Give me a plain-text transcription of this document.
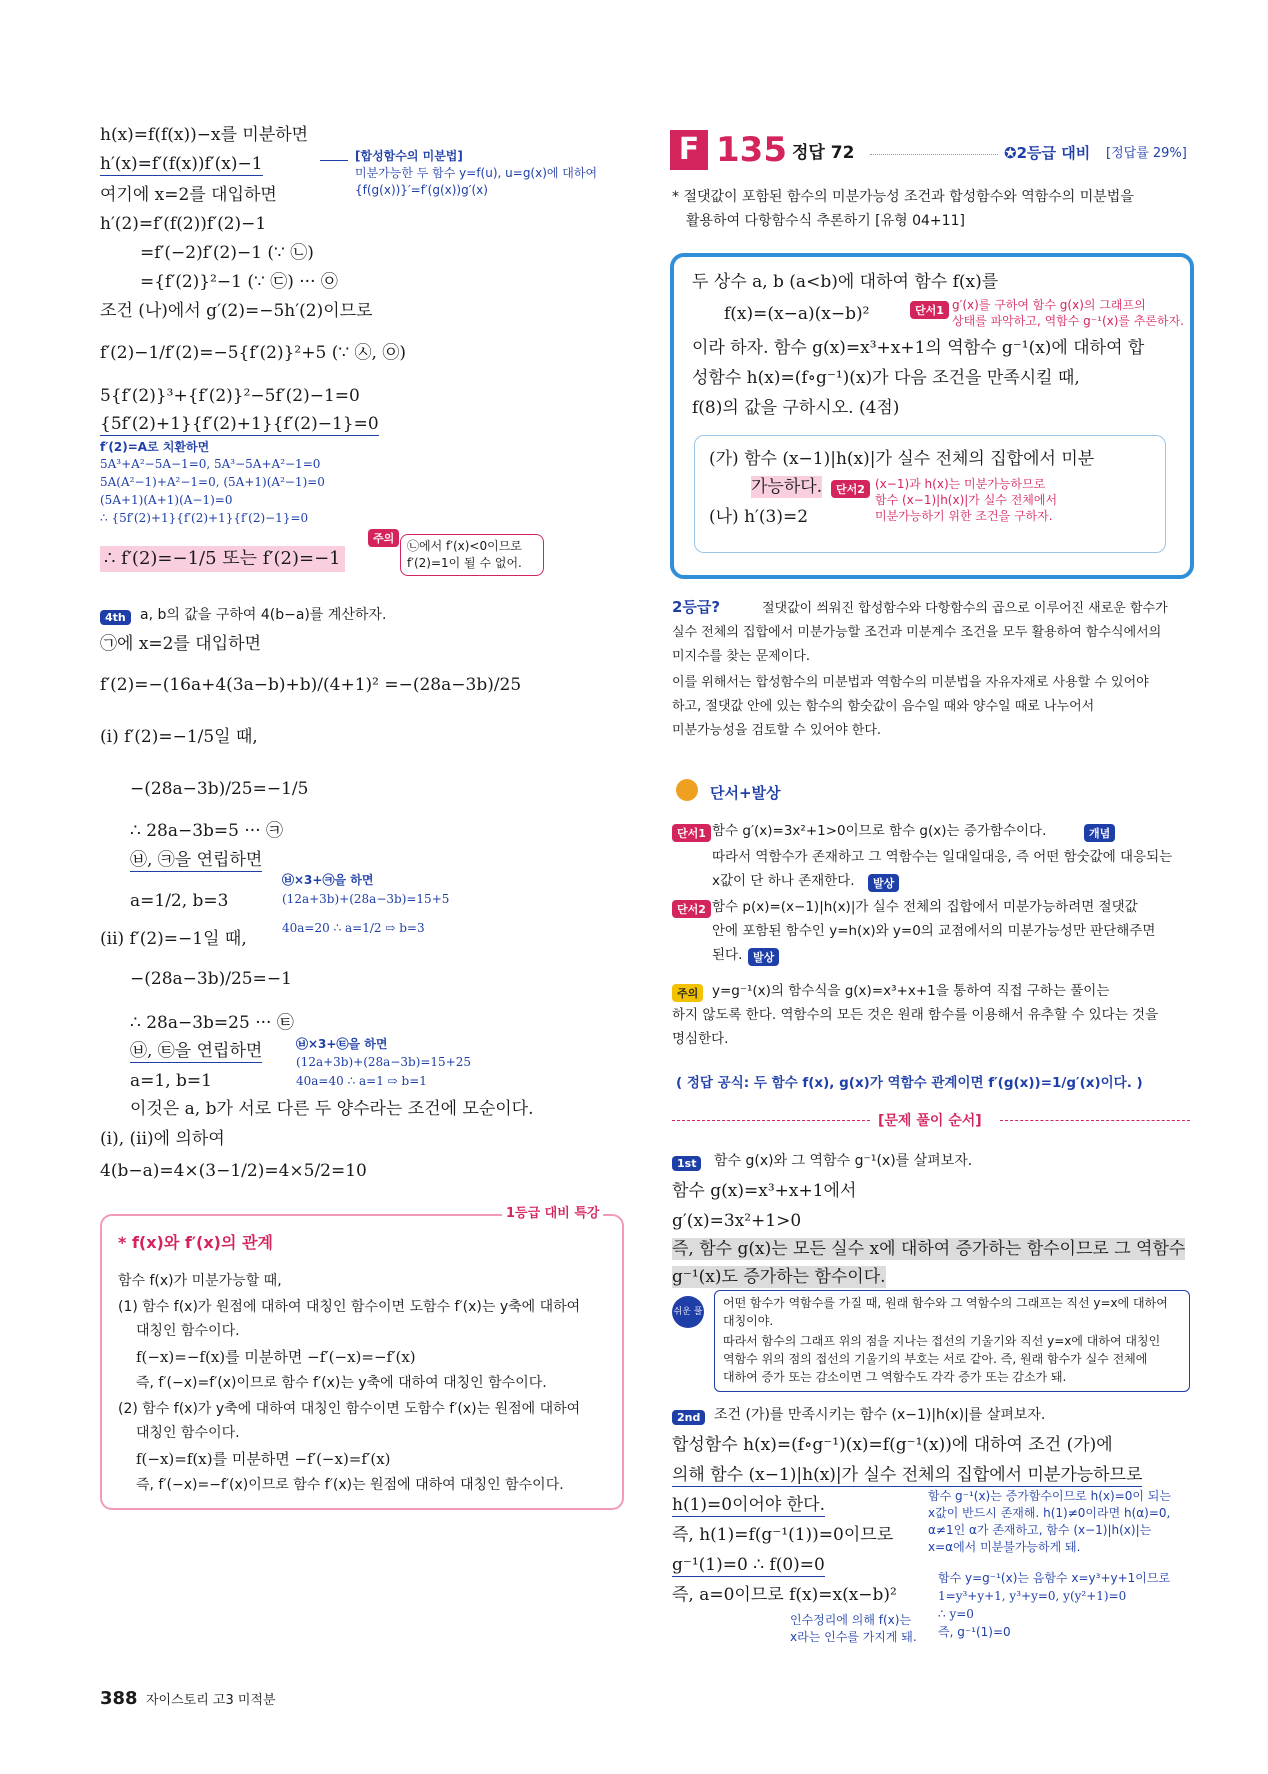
h(x)=f(f(x))−x를 미분하면
h′(x)=f′(f(x))f′(x)−1	[합성함수의 미분법]
미분가능한 두 함수 y=f(u), u=g(x)에 대하여
{f(g(x))}′=f′(g(x))g′(x)
여기에 x=2를 대입하면
h′(2)=f′(f(2))f′(2)−1
=f′(−2)f′(2)−1 (∵ ㉡)
={f′(2)}²−1 (∵ ㉢) ··· ㉧
조건 (나)에서 g′(2)=−5h′(2)이므로
f′(2)−1/f′(2)=−5{f′(2)}²+5 (∵ ㉦, ㉧)
5{f′(2)}³+{f′(2)}²−5f′(2)−1=0
{5f′(2)+1}{f′(2)+1}{f′(2)−1}=0
f′(2)=A로 치환하면
5A³+A²−5A−1=0, 5A³−5A+A²−1=0
5A(A²−1)+A²−1=0, (5A+1)(A²−1)=0
(5A+1)(A+1)(A−1)=0
∴ {5f′(2)+1}{f′(2)+1}{f′(2)−1}=0
∴ f′(2)=−1/5 또는 f′(2)=−1
주의
㉡에서 f′(x)<0이므로
f′(2)=1이 될 수 없어.
4th	a, b의 값을 구하여 4(b−a)를 계산하자.
㉠에 x=2를 대입하면
f′(2)=−(16a+4(3a−b)+b)/(4+1)² =−(28a−3b)/25
(i) f′(2)=−1/5일 때,
−(28a−3b)/25=−1/5
∴ 28a−3b=5 ··· ㉪
㉥, ㉪을 연립하면
㉥×3+㉪을 하면
(12a+3b)+(28a−3b)=15+5
40a=20 ∴ a=1/2 ⇨ b=3
a=1/2, b=3
(ii) f′(2)=−1일 때,
−(28a−3b)/25=−1
∴ 28a−3b=25 ··· ㉫
㉥, ㉫을 연립하면	㉥×3+㉫을 하면
(12a+3b)+(28a−3b)=15+25
40a=40 ∴ a=1 ⇨ b=1
a=1, b=1
이것은 a, b가 서로 다른 두 양수라는 조건에 모순이다.
(i), (ii)에 의하여
4(b−a)=4×(3−1/2)=4×5/2=10
1등급 대비 특강
* f(x)와 f′(x)의 관계
함수 f(x)가 미분가능할 때,
(1) 함수 f(x)가 원점에 대하여 대칭인 함수이면 도함수 f′(x)는 y축에 대하여
대칭인 함수이다.
f(−x)=−f(x)를 미분하면 −f′(−x)=−f′(x)
즉, f′(−x)=f′(x)이므로 함수 f′(x)는 y축에 대하여 대칭인 함수이다.
(2) 함수 f(x)가 y축에 대하여 대칭인 함수이면 도함수 f′(x)는 원점에 대하여
대칭인 함수이다.
f(−x)=f(x)를 미분하면 −f′(−x)=f′(x)
즉, f′(−x)=−f′(x)이므로 함수 f′(x)는 원점에 대하여 대칭인 함수이다.
F 135 정답 72	✪2등급 대비 [정답률 29%]
* 절댓값이 포함된 함수의 미분가능성 조건과 합성함수와 역함수의 미분법을
활용하여 다항함수식 추론하기 [유형 04+11]
두 상수 a, b (a<b)에 대하여 함수 f(x)를
f(x)=(x−a)(x−b)²	단서1 g′(x)를 구하여 함수 g(x)의 그래프의
상태를 파악하고, 역함수 g⁻¹(x)를 추론하자.
이라 하자. 함수 g(x)=x³+x+1의 역함수 g⁻¹(x)에 대하여 합
성함수 h(x)=(f∘g⁻¹)(x)가 다음 조건을 만족시킬 때,
f(8)의 값을 구하시오. (4점)
(가) 함수 (x−1)|h(x)|가 실수 전체의 집합에서 미분
가능하다.	단서2 (x−1)과 h(x)는 미분가능하므로
함수 (x−1)|h(x)|가 실수 전체에서
미분가능하기 위한 조건을 구하자.
(나) h′(3)=2
2등급?	절댓값이 씌워진 합성함수와 다항함수의 곱으로 이루어진 새로운 함수가
실수 전체의 집합에서 미분가능할 조건과 미분계수 조건을 모두 활용하여 함수식에서의
미지수를 찾는 문제이다.
이를 위해서는 합성함수의 미분법과 역함수의 미분법을 자유자재로 사용할 수 있어야
하고, 절댓값 안에 있는 함수의 함숫값이 음수일 때와 양수일 때로 나누어서
미분가능성을 검토할 수 있어야 한다.
단서+발상
단서1 함수 g′(x)=3x²+1>0이므로 함수 g(x)는 증가함수이다.	개념
따라서 역함수가 존재하고 그 역함수는 일대일대응, 즉 어떤 함숫값에 대응되는
x값이 단 하나 존재한다.	발상
단서2 함수 p(x)=(x−1)|h(x)|가 실수 전체의 집합에서 미분가능하려면 절댓값
안에 포함된 함수인 y=h(x)와 y=0의 교점에서의 미분가능성만 판단해주면
된다. 발상
주의	y=g⁻¹(x)의 함수식을 g(x)=x³+x+1을 통하여 직접 구하는 풀이는
하지 않도록 한다. 역함수의 모든 것은 원래 함수를 이용해서 유추할 수 있다는 것을
명심한다.
( 정답 공식: 두 함수 f(x), g(x)가 역함수 관계이면 f′(g(x))=1/g′(x)이다. )
[문제 풀이 순서]
1st	함수 g(x)와 그 역함수 g⁻¹(x)를 살펴보자.
함수 g(x)=x³+x+1에서
g′(x)=3x²+1>0
즉, 함수 g(x)는 모든 실수 x에 대하여 증가하는 함수이므로 그 역함수
g⁻¹(x)도 증가하는 함수이다.
쉬운 풀이
어떤 함수가 역함수를 가질 때, 원래 함수와 그 역함수의 그래프는 직선 y=x에 대하여
대칭이야.
따라서 함수의 그래프 위의 점을 지나는 접선의 기울기와 직선 y=x에 대하여 대칭인
역함수 위의 점의 접선의 기울기의 부호는 서로 같아. 즉, 원래 함수가 실수 전체에
대하여 증가 또는 감소이면 그 역함수도 각각 증가 또는 감소가 돼.
2nd 조건 (가)를 만족시키는 함수 (x−1)|h(x)|를 살펴보자.
합성함수 h(x)=(f∘g⁻¹)(x)=f(g⁻¹(x))에 대하여 조건 (가)에
의해 함수 (x−1)|h(x)|가 실수 전체의 집합에서 미분가능하므로
h(1)=0이어야 한다.
즉, h(1)=f(g⁻¹(1))=0이므로
g⁻¹(1)=0 ∴ f(0)=0
즉, a=0이므로 f(x)=x(x−b)²
함수 g⁻¹(x)는 증가함수이므로 h(x)=0이 되는
x값이 반드시 존재해. h(1)≠0이라면 h(α)=0,
α≠1인 α가 존재하고, 함수 (x−1)|h(x)|는
x=α에서 미분불가능하게 돼.
함수 y=g⁻¹(x)는 음함수 x=y³+y+1이므로
1=y³+y+1, y³+y=0, y(y²+1)=0
∴ y=0
즉, g⁻¹(1)=0
인수정리에 의해 f(x)는
x라는 인수를 가지게 돼.
388 자이스토리 고3 미적분
